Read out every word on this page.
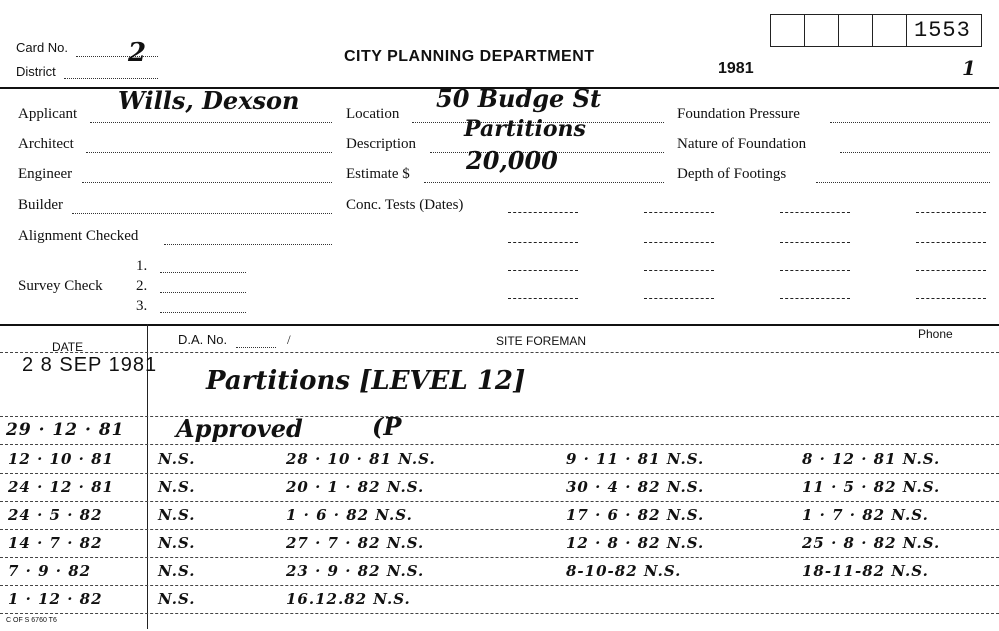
Card No. 2
District
CITY PLANNING DEPARTMENT
1981	1
1553
Applicant Wills, Dexson
Architect
Engineer
Builder
Alignment Checked
Survey Check
1.
2.
3.
Location
50 Budge St
Description
Partitions
Estimate $ 20,000
Conc. Tests (Dates)
Foundation Pressure
Nature of Foundation
Depth of Footings
DATE	D.A. No.	/	SITE FOREMAN	Phone
2 8 SEP 1981
Partitions [LEVEL 12]
29 · 12 · 81 Approved	(P
12 · 10 · 81	N.S.	28 · 10 · 81 N.S.	9 · 11 · 81 N.S.	8 · 12 · 81 N.S.
24 · 12 · 81	N.S.	20 · 1 · 82 N.S.	30 · 4 · 82 N.S.	11 · 5 · 82 N.S.
24 · 5 · 82	N.S.	1 · 6 · 82 N.S.	17 · 6 · 82 N.S.	1 · 7 · 82 N.S.
14 · 7 · 82	N.S.	27 · 7 · 82 N.S.	12 · 8 · 82 N.S.	25 · 8 · 82 N.S.
7 · 9 · 82	N.S.	23 · 9 · 82 N.S.	8-10-82 N.S.	18-11-82 N.S.
1 · 12 · 82	N.S.	16.12.82 N.S.
C OF S 6760 T6
